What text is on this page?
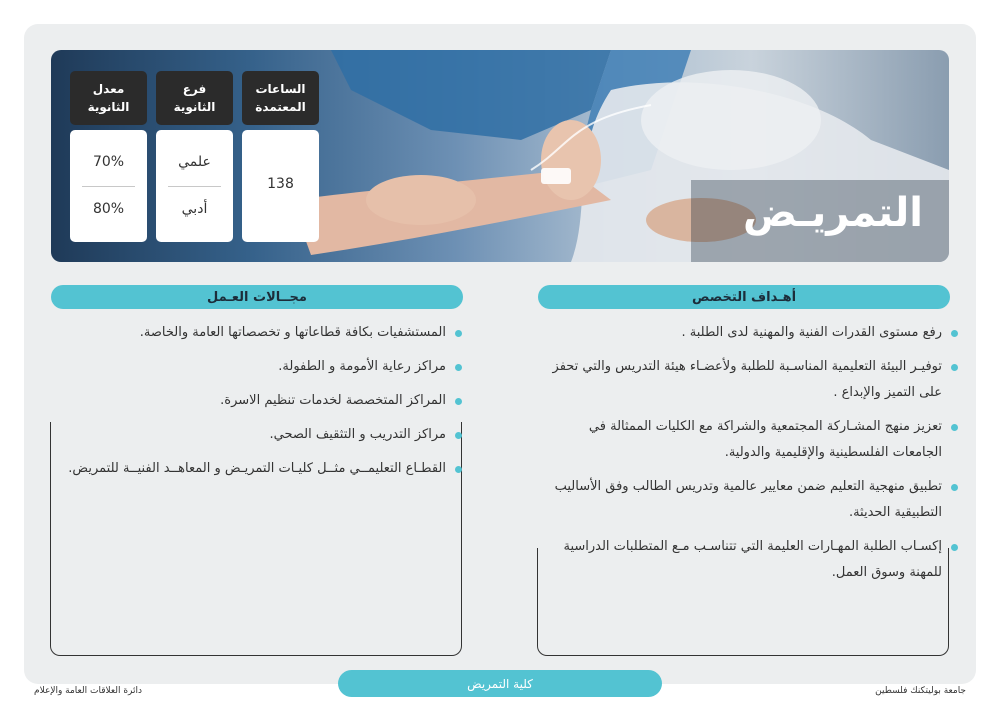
التمريـض
الساعات المعتمدة
138
فرع الثانوية
علمي
أدبي
معدل الثانوية
70%
80%
أهـداف التخصص
رفع مستوى القدرات الفنية والمهنية لدى الطلبة .
توفيـر البيئة التعليمية المناسـبة للطلبة ولأعضـاء هيئة التدريس والتي تحفز على التميز والإبداع .
تعزيز منهج المشـاركة المجتمعية والشراكة مع الكليات الممثالة في الجامعات الفلسطينية والإقليمية والدولية.
تطبيق منهجية التعليم ضمن معايير عالمية وتدريس الطالب وفق الأساليب التطبيقية الحديثة.
إكسـاب الطلبة المهـارات العليمة التي تتناسـب مـع المتطلبات الدراسية للمهنة وسوق العمل.
مجــالات العـمل
المستشفيات بكافة قطاعاتها و تخصصاتها العامة والخاصة.
مراكز رعاية الأمومة و الطفولة.
المراكز المتخصصة لخدمات تنظيم الاسرة.
مراكز التدريب و التثقيف الصحي.
القطـاع التعليمــي مثــل كليـات التمريـض و المعاهــد الفنيــة للتمريض.
كلية التمريض
جامعة بوليتكنك فلسطين
دائرة العلاقات العامة والإعلام
